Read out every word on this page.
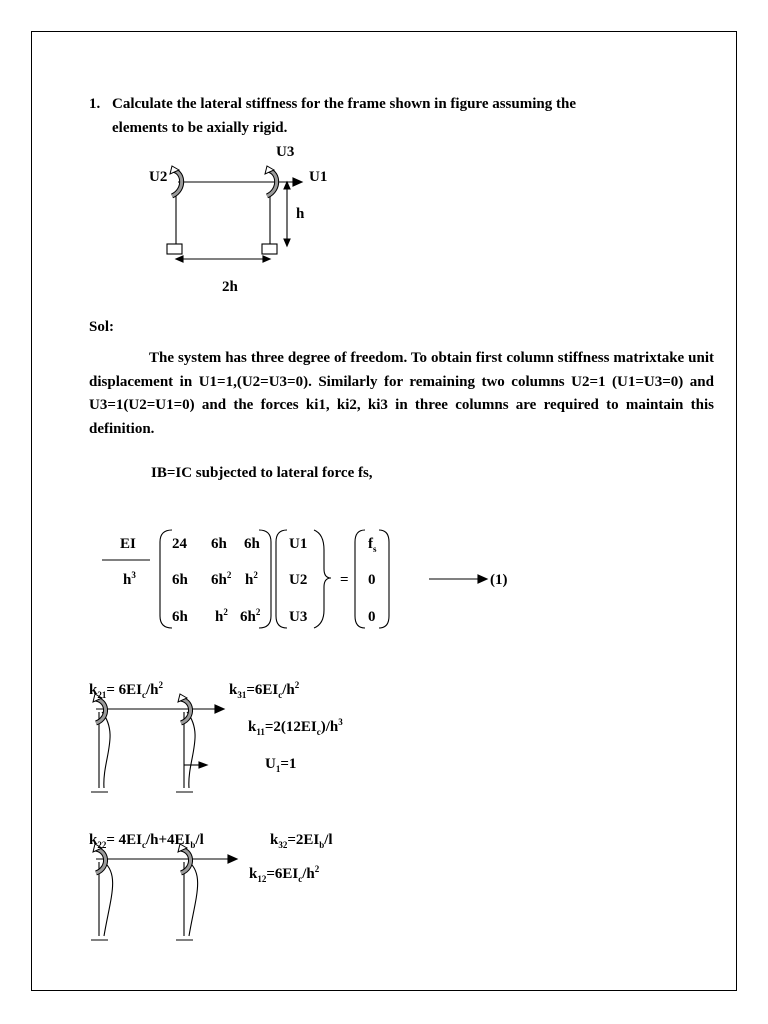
1. Calculate the lateral stiffness for the frame shown in figure assuming the
elements to be axially rigid.
U3
U2	U1
h
2h
Sol:
The system has three degree of freedom. To obtain first column stiffness matrixtake unit displacement in U1=1,(U2=U3=0). Similarly for remaining two columns U2=1 (U1=U3=0) and U3=1(U2=U1=0) and the forces ki1, ki2, ki3 in three columns are required to maintain this definition.
IB=IC subjected to lateral force fs,
EI
$h^3$
24 6h 6h
6h $6h^2$ $h^2$
6h $h^2$ $6h^2$
U1
U2
U3
=
$f_s$
0
0
(1)
$k_{21}= 6EI_c/h^2$	$k_{31}=6EI_c/h^2$
$k_{11}=2(12EI_c)/h^3$
$U_1=1$
$k_{22}= 4EI_c/h+4EI_b/l$	$k_{32}=2EI_b/l$
$k_{12}=6EI_c/h^2$
